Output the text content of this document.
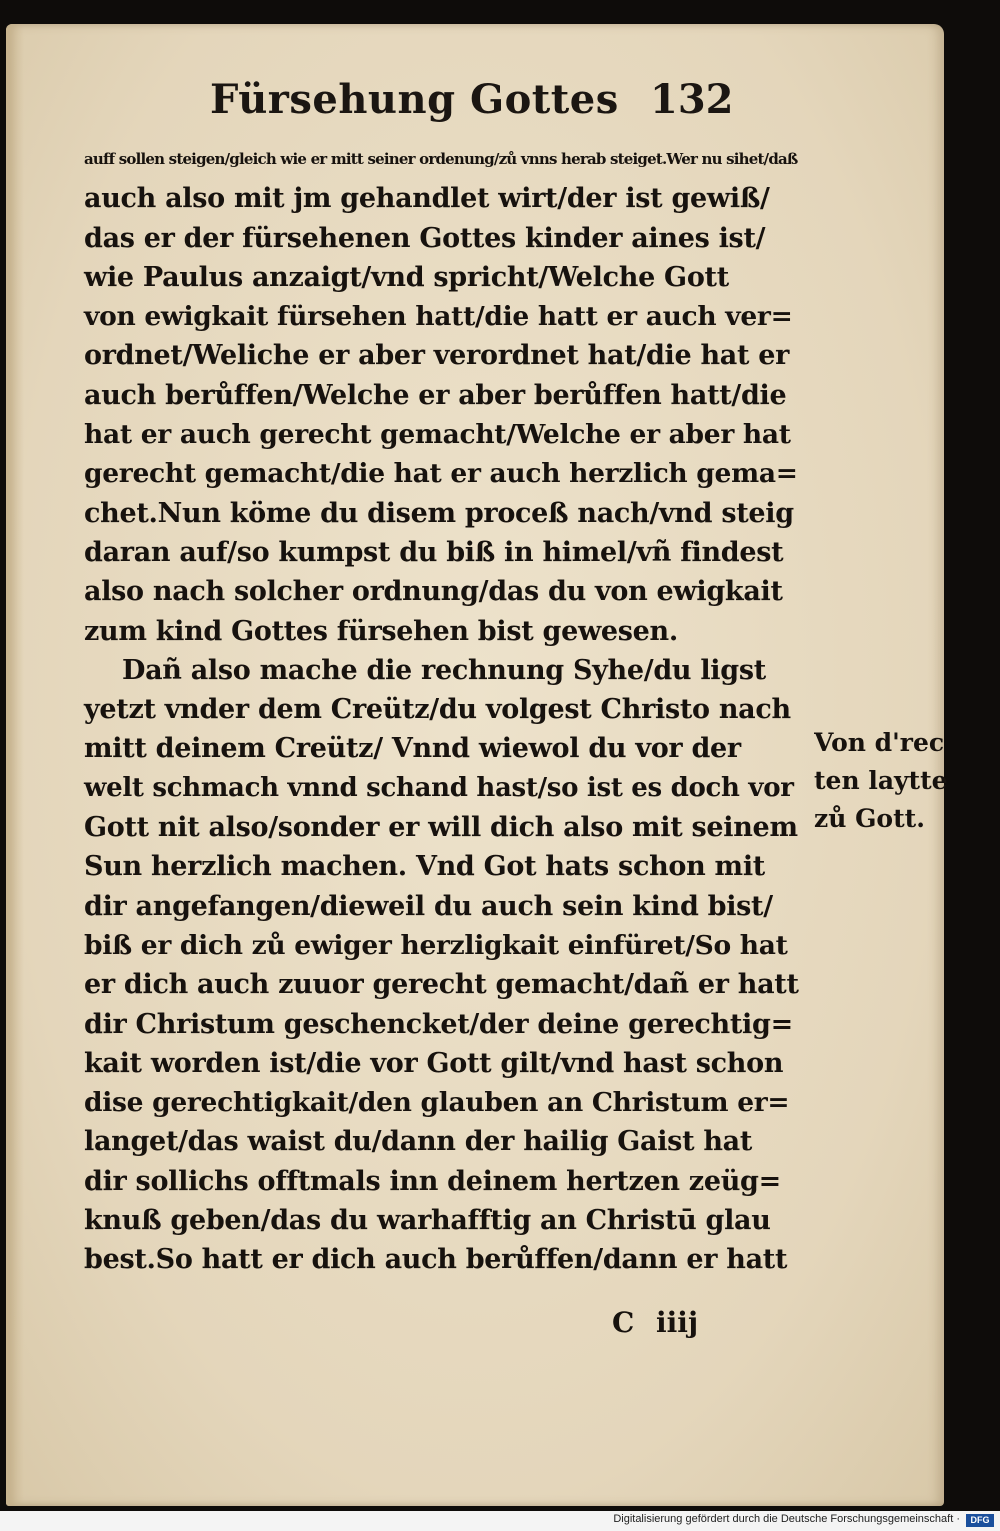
Fürsehung Gottes 132
auff sollen steigen/gleich wie er mitt seiner ordenung/zů vnns herab steiget.Wer nu sihet/daß
auch also mit jm gehandlet wirt/der ist gewiß/
das er der fürsehenen Gottes kinder aines ist/
wie Paulus anzaigt/vnd spricht/Welche Gott
von ewigkait fürsehen hatt/die hatt er auch ver=
ordnet/Weliche er aber verordnet hat/die hat er
auch berůffen/Welche er aber berůffen hatt/die
hat er auch gerecht gemacht/Welche er aber hat
gerecht gemacht/die hat er auch herzlich gema=
chet.Nun köme du disem proceß nach/vnd steig
daran auf/so kumpst du biß in himel/vñ findest
also nach solcher ordnung/das du von ewigkait
zum kind Gottes fürsehen bist gewesen.
Dañ also mache die rechnung Syhe/du ligst
yetzt vnder dem Creütz/du volgest Christo nach
mitt deinem Creütz/ Vnnd wiewol du vor der
welt schmach vnnd schand hast/so ist es doch vor
Gott nit also/sonder er will dich also mit seinem
Sun herzlich machen. Vnd Got hats schon mit
dir angefangen/dieweil du auch sein kind bist/
biß er dich zů ewiger herzligkait einfüret/So hat
er dich auch zuuor gerecht gemacht/dañ er hatt
dir Christum geschencket/der deine gerechtig=
kait worden ist/die vor Gott gilt/vnd hast schon
dise gerechtigkait/den glauben an Christum er=
langet/das waist du/dann der hailig Gaist hat
dir sollichs offtmals inn deinem hertzen zeüg=
knuß geben/das du warhafftig an Christū glau
best.So hatt er dich auch berůffen/dann er hatt
Von d'rec
ten laytte
zů Gott.
C iiij
Digitalisierung gefördert durch die Deutsche Forschungsgemeinschaft ·	DFG
